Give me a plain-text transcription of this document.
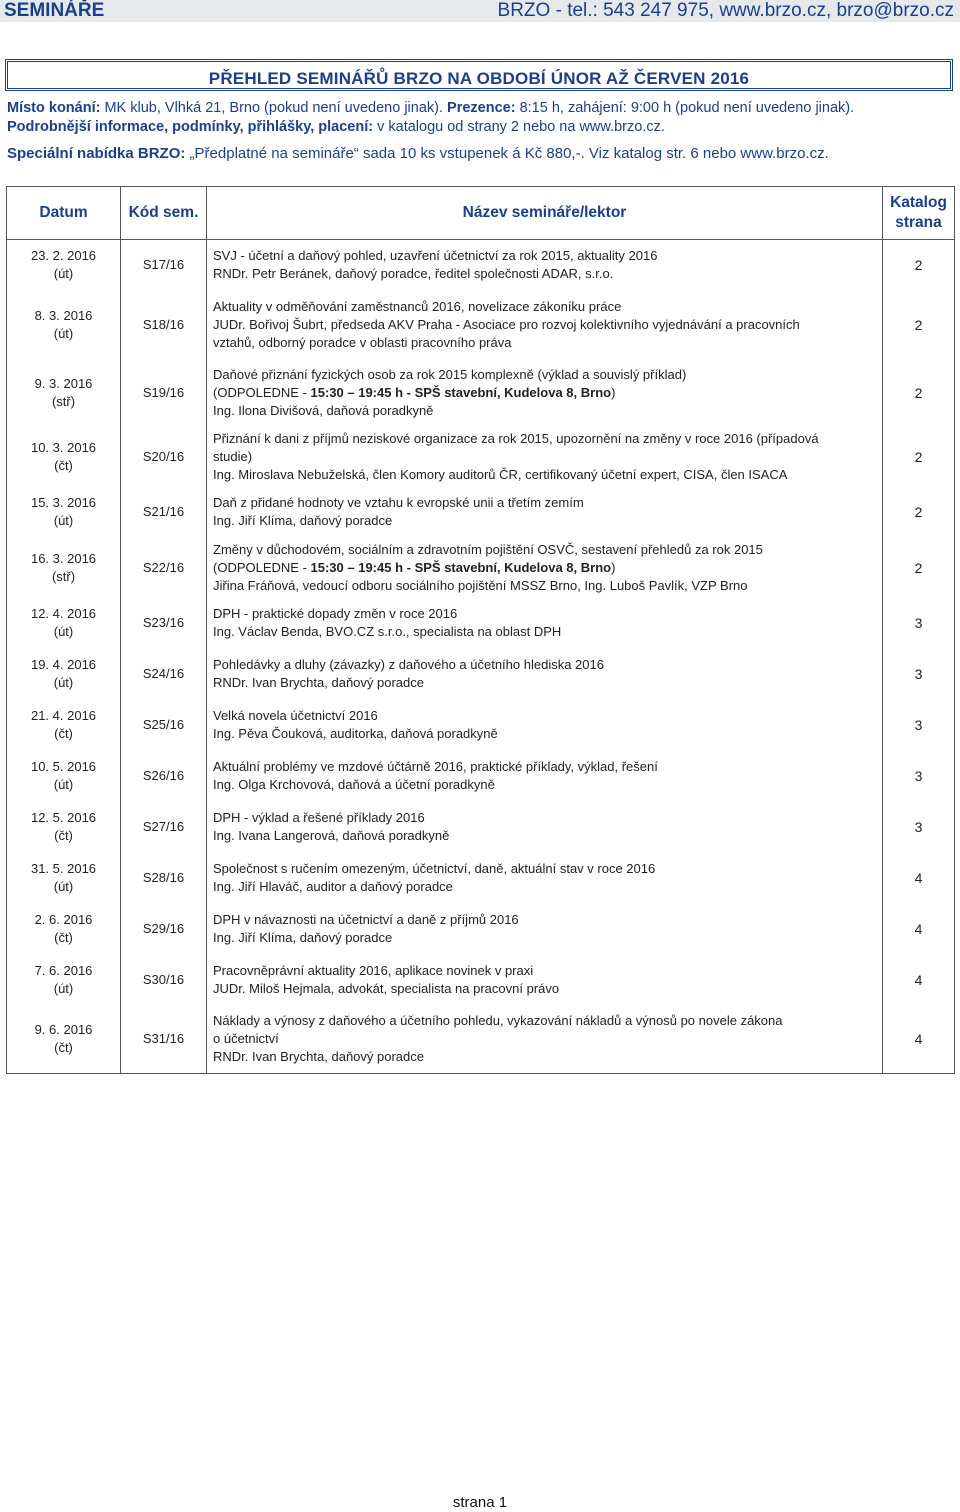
SEMINÁŘE	BRZO - tel.: 543 247 975, www.brzo.cz, brzo@brzo.cz
PŘEHLED SEMINÁŘŮ BRZO NA OBDOBÍ ÚNOR AŽ ČERVEN 2016
Místo konání: MK klub, Vlhká 21, Brno (pokud není uvedeno jinak). Prezence: 8:15 h, zahájení: 9:00 h (pokud není uvedeno jinak).
Podrobnější informace, podmínky, přihlášky, placení: v katalogu od strany 2 nebo na www.brzo.cz.
Speciální nabídka BRZO: „Předplatné na semináře“ sada 10 ks vstupenek á Kč 880,-. Viz katalog str. 6 nebo www.brzo.cz.
Datum	Kód sem.	Název semináře/lektor	Katalog
strana

23. 2. 2016
(út)	S17/16	SVJ - účetní a daňový pohled, uzavření účetnictví za rok 2015, aktuality 2016
RNDr. Petr Beránek, daňový poradce, ředitel společnosti ADAR, s.r.o.	2

8. 3. 2016
(út)	S18/16	Aktuality v odměňování zaměstnanců 2016, novelizace zákoníku práce
JUDr. Bořivoj Šubrt, předseda AKV Praha - Asociace pro rozvoj kolektivního vyjednávání a pracovních
vztahů, odborný poradce v oblasti pracovního práva	2

9. 3. 2016
(stř)	S19/16	Daňové přiznání fyzických osob za rok 2015 komplexně (výklad a souvislý příklad)
(ODPOLEDNE - 15:30 – 19:45 h - SPŠ stavební, Kudelova 8, Brno)
Ing. Ilona Divišová, daňová poradkyně	2

10. 3. 2016
(čt)	S20/16	Přiznání k dani z příjmů neziskové organizace za rok 2015, upozornění na změny v roce 2016 (případová
studie)
Ing. Miroslava Nebuželská, člen Komory auditorů ČR, certifikovaný účetní expert, CISA, člen ISACA	2

15. 3. 2016
(út)	S21/16	Daň z přidané hodnoty ve vztahu k evropské unii a třetím zemím
Ing. Jiří Klíma, daňový poradce	2

16. 3. 2016
(stř)	S22/16	Změny v důchodovém, sociálním a zdravotním pojištění OSVČ, sestavení přehledů za rok 2015
(ODPOLEDNE - 15:30 – 19:45 h - SPŠ stavební, Kudelova 8, Brno)
Jiřina Fráňová, vedoucí odboru sociálního pojištění MSSZ Brno, Ing. Luboš Pavlík, VZP Brno	2

12. 4. 2016
(út)	S23/16	DPH - praktické dopady změn v roce 2016
Ing. Václav Benda, BVO.CZ s.r.o., specialista na oblast DPH	3

19. 4. 2016
(út)	S24/16	Pohledávky a dluhy (závazky) z daňového a účetního hlediska 2016
RNDr. Ivan Brychta, daňový poradce	3

21. 4. 2016
(čt)	S25/16	Velká novela účetnictví 2016
Ing. Pěva Čouková, auditorka, daňová poradkyně	3

10. 5. 2016
(út)	S26/16	Aktuální problémy ve mzdové účtárně 2016, praktické příklady, výklad, řešení
Ing. Olga Krchovová, daňová a účetní poradkyně	3

12. 5. 2016
(čt)	S27/16	DPH - výklad a řešené příklady 2016
Ing. Ivana Langerová, daňová poradkyně	3

31. 5. 2016
(út)	S28/16	Společnost s ručením omezeným, účetnictví, daně, aktuální stav v roce 2016
Ing. Jiří Hlaváč, auditor a daňový poradce	4

2. 6. 2016
(čt)	S29/16	DPH v návaznosti na účetnictví a daně z příjmů 2016
Ing. Jiří Klíma, daňový poradce	4

7. 6. 2016
(út)	S30/16	Pracovněprávní aktuality 2016, aplikace novinek v praxi
JUDr. Miloš Hejmala, advokát, specialista na pracovní právo	4

9. 6. 2016
(čt)	S31/16	Náklady a výnosy z daňového a účetního pohledu, vykazování nákladů a výnosů po novele zákona
o účetnictví
RNDr. Ivan Brychta, daňový poradce	4
strana 1
